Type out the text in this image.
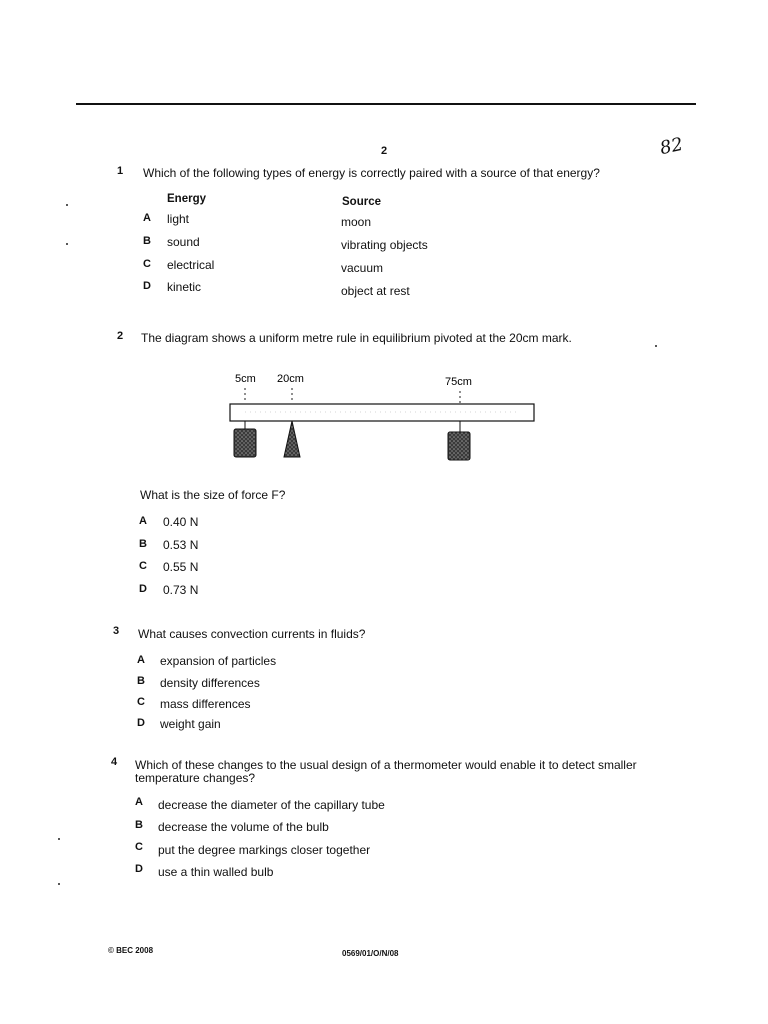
2	82
1 Which of the following types of energy is correctly paired with a source of that energy?
Energy	Source
A light	moon
B sound	vibrating objects
C electrical	vacuum
D kinetic	object at rest
2 The diagram shows a uniform metre rule in equilibrium pivoted at the 20cm mark.
5cm 20cm	75cm
What is the size of force F?
A 0.40 N
B 0.53 N
C 0.55 N
D 0.73 N
3 What causes convection currents in fluids?
A expansion of particles
B density differences
C mass differences
D weight gain
4 Which of these changes to the usual design of a thermometer would enable it to detect smaller
temperature changes?
A decrease the diameter of the capillary tube
B decrease the volume of the bulb
C put the degree markings closer together
D use a thin walled bulb
© BEC 2008	0569/01/O/N/08
